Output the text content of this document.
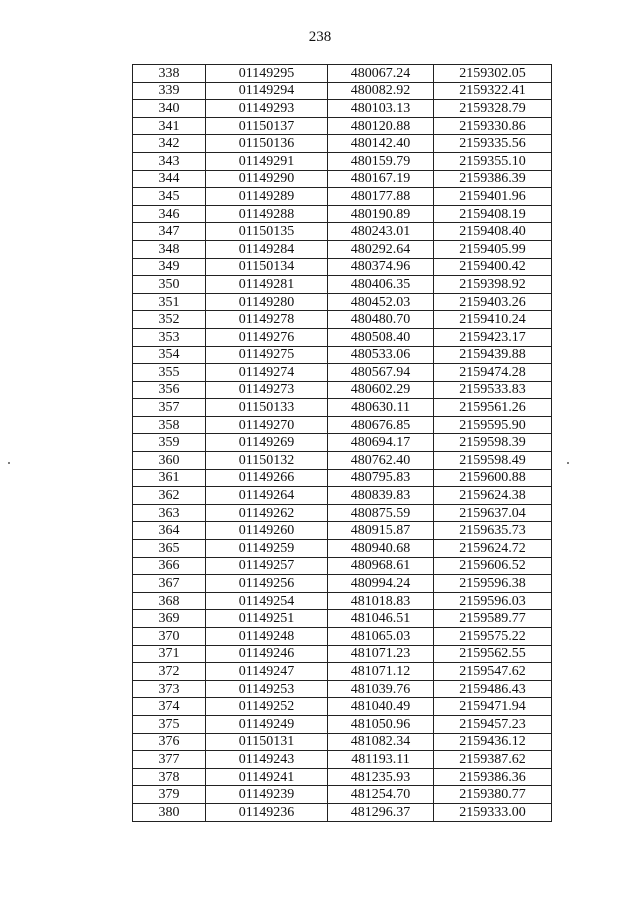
238
338	01149295	480067.24	2159302.05
339	01149294	480082.92	2159322.41
340	01149293	480103.13	2159328.79
341	01150137	480120.88	2159330.86
342	01150136	480142.40	2159335.56
343	01149291	480159.79	2159355.10
344	01149290	480167.19	2159386.39
345	01149289	480177.88	2159401.96
346	01149288	480190.89	2159408.19
347	01150135	480243.01	2159408.40
348	01149284	480292.64	2159405.99
349	01150134	480374.96	2159400.42
350	01149281	480406.35	2159398.92
351	01149280	480452.03	2159403.26
352	01149278	480480.70	2159410.24
353	01149276	480508.40	2159423.17
354	01149275	480533.06	2159439.88
355	01149274	480567.94	2159474.28
356	01149273	480602.29	2159533.83
357	01150133	480630.11	2159561.26
358	01149270	480676.85	2159595.90
359	01149269	480694.17	2159598.39
360	01150132	480762.40	2159598.49
361	01149266	480795.83	2159600.88
362	01149264	480839.83	2159624.38
363	01149262	480875.59	2159637.04
364	01149260	480915.87	2159635.73
365	01149259	480940.68	2159624.72
366	01149257	480968.61	2159606.52
367	01149256	480994.24	2159596.38
368	01149254	481018.83	2159596.03
369	01149251	481046.51	2159589.77
370	01149248	481065.03	2159575.22
371	01149246	481071.23	2159562.55
372	01149247	481071.12	2159547.62
373	01149253	481039.76	2159486.43
374	01149252	481040.49	2159471.94
375	01149249	481050.96	2159457.23
376	01150131	481082.34	2159436.12
377	01149243	481193.11	2159387.62
378	01149241	481235.93	2159386.36
379	01149239	481254.70	2159380.77
380	01149236	481296.37	2159333.00
